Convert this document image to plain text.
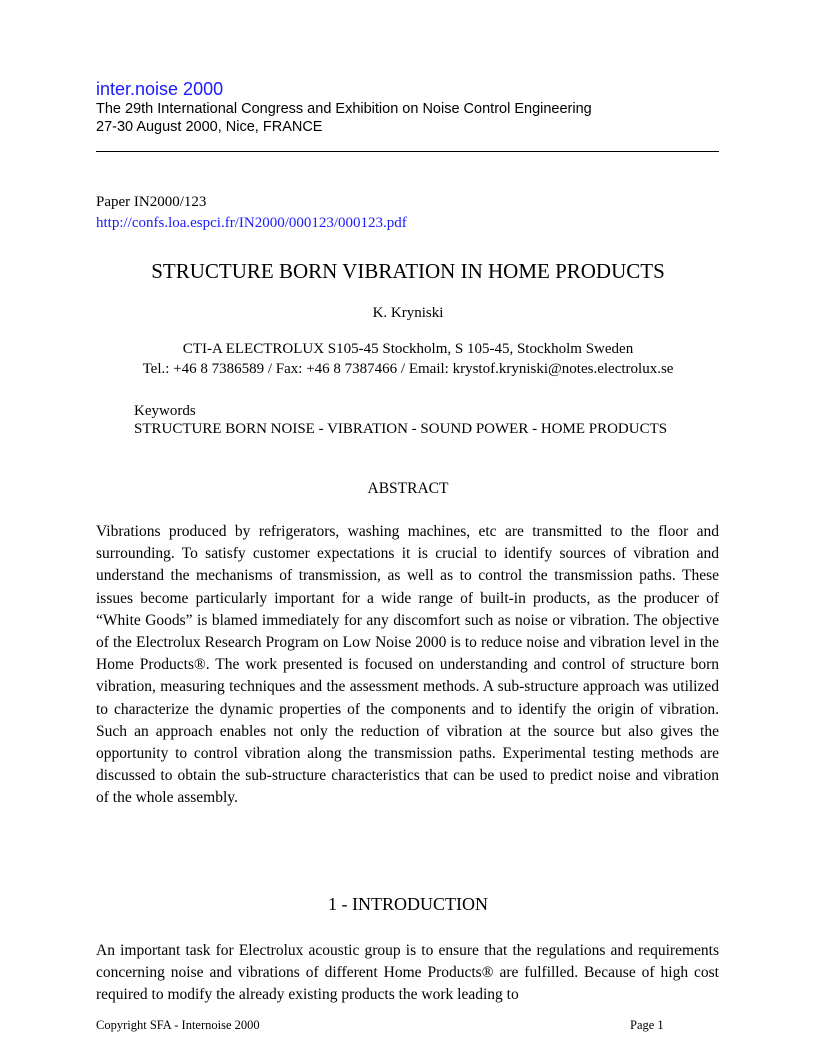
inter.noise 2000
The 29th International Congress and Exhibition on Noise Control Engineering
27-30 August 2000, Nice, FRANCE
Paper IN2000/123
http://confs.loa.espci.fr/IN2000/000123/000123.pdf
STRUCTURE BORN VIBRATION IN HOME PRODUCTS
K. Kryniski
CTI-A ELECTROLUX S105-45 Stockholm, S 105-45, Stockholm Sweden
Tel.: +46 8 7386589 / Fax: +46 8 7387466 / Email: krystof.kryniski@notes.electrolux.se
Keywords
STRUCTURE BORN NOISE - VIBRATION - SOUND POWER - HOME PRODUCTS
ABSTRACT
Vibrations produced by refrigerators, washing machines, etc are transmitted to the floor and surrounding. To satisfy customer expectations it is crucial to identify sources of vibration and understand the mechanisms of transmission, as well as to control the transmission paths. These issues become particularly important for a wide range of built-in products, as the producer of “White Goods” is blamed immediately for any discomfort such as noise or vibration. The objective of the Electrolux Research Program on Low Noise 2000 is to reduce noise and vibration level in the Home Products®. The work presented is focused on understanding and control of structure born vibration, measuring techniques and the assessment methods. A sub-structure approach was utilized to characterize the dynamic properties of the components and to identify the origin of vibration. Such an approach enables not only the reduction of vibration at the source but also gives the opportunity to control vibration along the transmission paths. Experimental testing methods are discussed to obtain the sub-structure characteristics that can be used to predict noise and vibration of the whole assembly.
1 - INTRODUCTION
An important task for Electrolux acoustic group is to ensure that the regulations and requirements concerning noise and vibrations of different Home Products® are fulfilled. Because of high cost required to modify the already existing products the work leading to
Copyright SFA - Internoise 2000	Page 1
